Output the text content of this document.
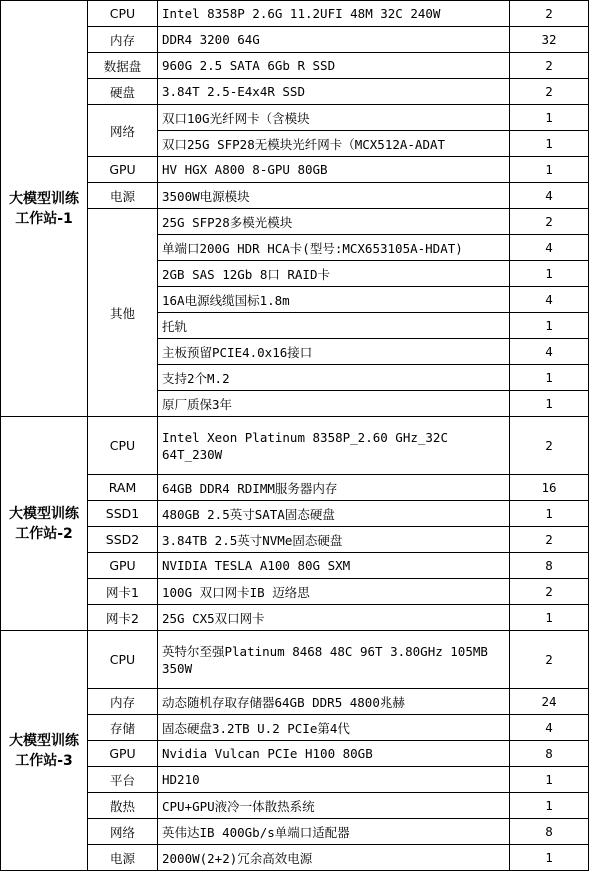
大模型训练工作站-1	CPU	Intel 8358P 2.6G 11.2UFI 48M 32C 240W	2
	内存	DDR4 3200 64G	32
	数据盘	960G 2.5 SATA 6Gb R SSD	2
	硬盘	3.84T 2.5-E4x4R SSD	2
	网络	双口10G光纤网卡（含模块	1
		双口25G SFP28无模块光纤网卡（MCX512A-ADAT	1
	GPU	HV HGX A800 8-GPU 80GB	1
	电源	3500W电源模块	4
	其他	25G SFP28多模光模块	2
		单端口200G HDR HCA卡(型号:MCX653105A-HDAT)	4
		2GB SAS 12Gb 8口 RAID卡	1
		16A电源线缆国标1.8m	4
		托轨	1
		主板预留PCIE4.0x16接口	4
		支持2个M.2	1
		原厂质保3年	1
大模型训练工作站-2	CPU	Intel Xeon Platinum 8358P_2.60 GHz_32C 64T_230W	2
	RAM	64GB DDR4 RDIMM服务器内存	16
	SSD1	480GB 2.5英寸SATA固态硬盘	1
	SSD2	3.84TB 2.5英寸NVMe固态硬盘	2
	GPU	NVIDIA TESLA A100 80G SXM	8
	网卡1	100G 双口网卡IB 迈络思	2
	网卡2	25G CX5双口网卡	1
大模型训练工作站-3	CPU	英特尔至强Platinum 8468 48C 96T 3.80GHz 105MB 350W	2
	内存	动态随机存取存储器64GB DDR5 4800兆赫	24
	存储	固态硬盘3.2TB U.2 PCIe第4代	4
	GPU	Nvidia Vulcan PCIe H100 80GB	8
	平台	HD210	1
	散热	CPU+GPU液冷一体散热系统	1
	网络	英伟达IB 400Gb/s单端口适配器	8
	电源	2000W(2+2)冗余高效电源	1
